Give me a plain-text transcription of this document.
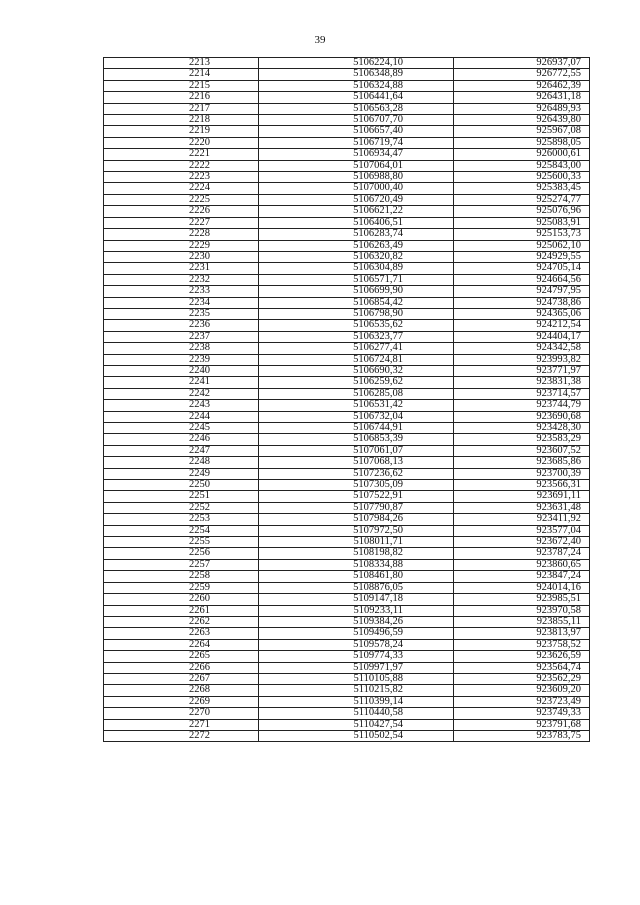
39
2213	5106224,10	926937,07
2214	5106348,89	926772,55
2215	5106324,88	926462,39
2216	5106441,64	926431,18
2217	5106563,28	926489,93
2218	5106707,70	926439,80
2219	5106657,40	925967,08
2220	5106719,74	925898,05
2221	5106934,47	926000,61
2222	5107064,01	925843,00
2223	5106988,80	925600,33
2224	5107000,40	925383,45
2225	5106720,49	925274,77
2226	5106621,22	925076,96
2227	5106406,51	925083,91
2228	5106283,74	925153,73
2229	5106263,49	925062,10
2230	5106320,82	924929,55
2231	5106304,89	924705,14
2232	5106571,71	924664,56
2233	5106699,90	924797,95
2234	5106854,42	924738,86
2235	5106798,90	924365,06
2236	5106535,62	924212,54
2237	5106323,77	924404,17
2238	5106277,41	924342,58
2239	5106724,81	923993,82
2240	5106690,32	923771,97
2241	5106259,62	923831,38
2242	5106285,08	923714,57
2243	5106531,42	923744,79
2244	5106732,04	923690,68
2245	5106744,91	923428,30
2246	5106853,39	923583,29
2247	5107061,07	923607,52
2248	5107068,13	923685,86
2249	5107236,62	923700,39
2250	5107305,09	923566,31
2251	5107522,91	923691,11
2252	5107790,87	923631,48
2253	5107984,26	923411,92
2254	5107972,50	923577,04
2255	5108011,71	923672,40
2256	5108198,82	923787,24
2257	5108334,88	923860,65
2258	5108461,80	923847,24
2259	5108876,05	924014,16
2260	5109147,18	923985,51
2261	5109233,11	923970,58
2262	5109384,26	923855,11
2263	5109496,59	923813,97
2264	5109578,24	923758,52
2265	5109774,33	923626,59
2266	5109971,97	923564,74
2267	5110105,88	923562,29
2268	5110215,82	923609,20
2269	5110399,14	923723,49
2270	5110440,58	923749,33
2271	5110427,54	923791,68
2272	5110502,54	923783,75
